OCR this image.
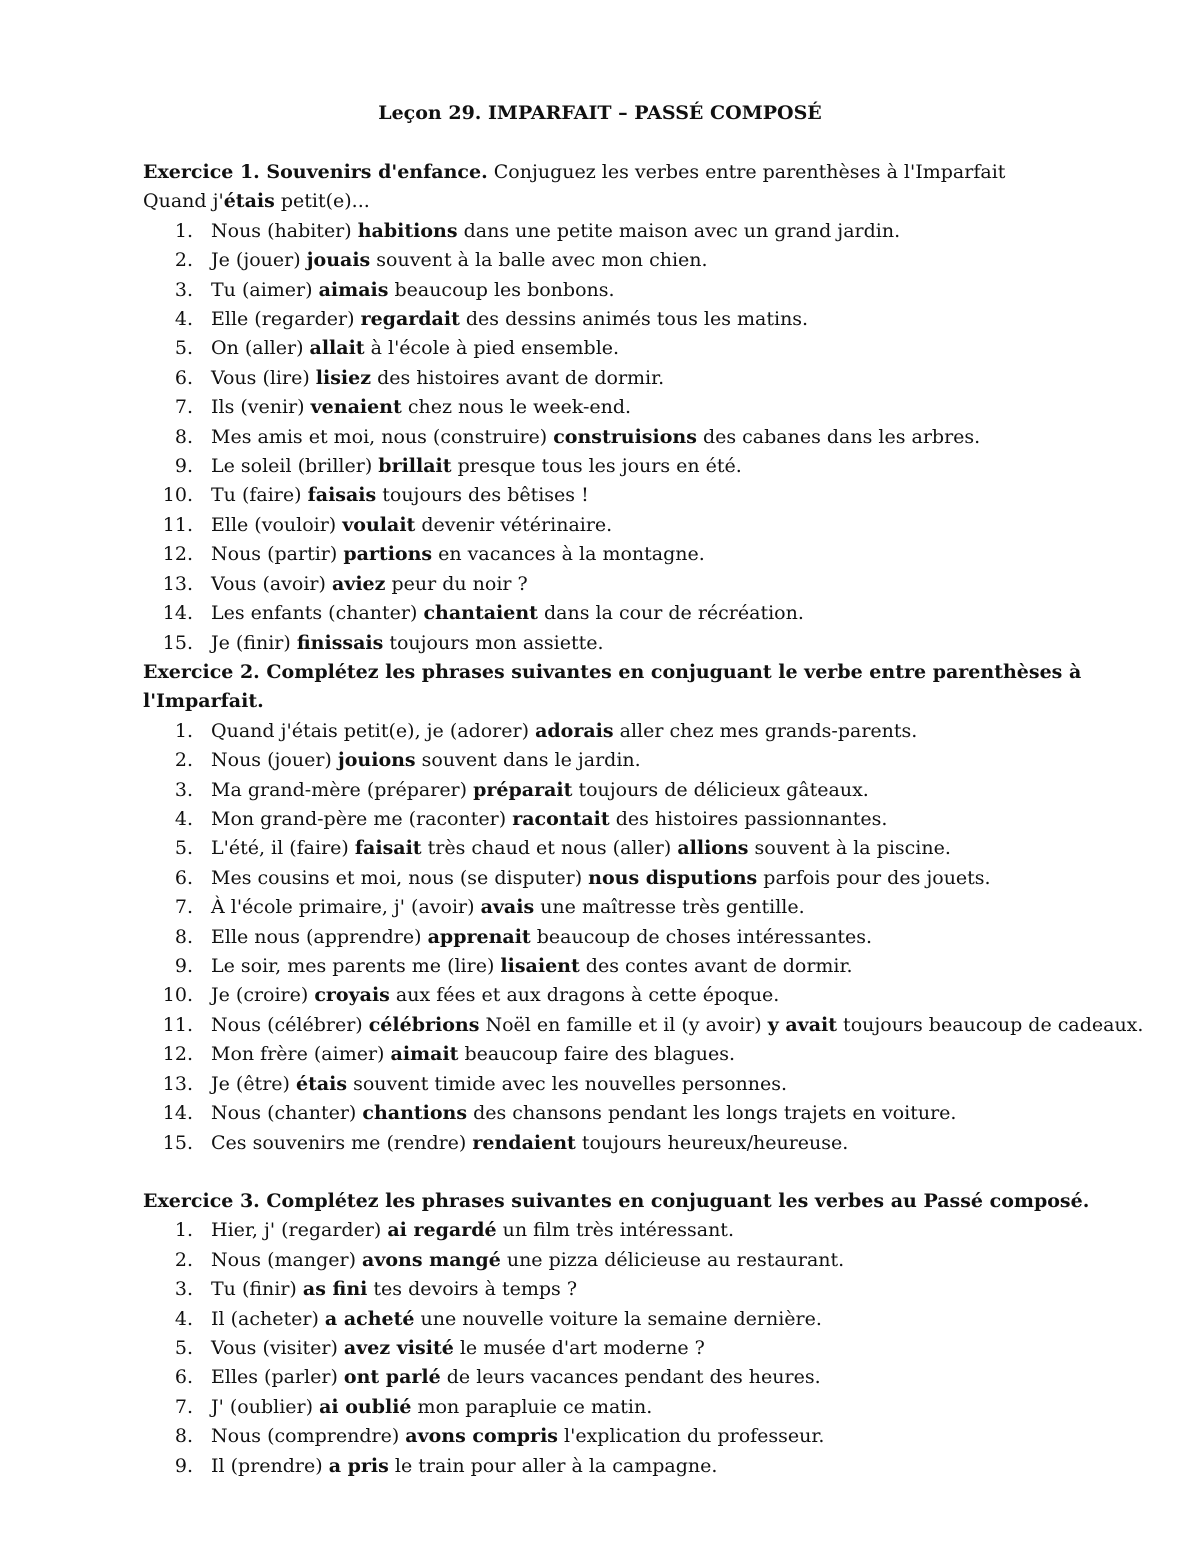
Leçon 29. IMPARFAIT – PASSÉ COMPOSÉ

Exercice 1. Souvenirs d'enfance. Conjuguez les verbes entre parenthèses à l'Imparfait

Quand j'étais petit(e)...

1. Nous (habiter) habitions dans une petite maison avec un grand jardin.
2. Je (jouer) jouais souvent à la balle avec mon chien.
3. Tu (aimer) aimais beaucoup les bonbons.
4. Elle (regarder) regardait des dessins animés tous les matins.
5. On (aller) allait à l'école à pied ensemble.
6. Vous (lire) lisiez des histoires avant de dormir.
7. Ils (venir) venaient chez nous le week-end.
8. Mes amis et moi, nous (construire) construisions des cabanes dans les arbres.
9. Le soleil (briller) brillait presque tous les jours en été.
10. Tu (faire) faisais toujours des bêtises !
11. Elle (vouloir) voulait devenir vétérinaire.
12. Nous (partir) partions en vacances à la montagne.
13. Vous (avoir) aviez peur du noir ?
14. Les enfants (chanter) chantaient dans la cour de récréation.
15. Je (finir) finissais toujours mon assiette.

Exercice 2. Complétez les phrases suivantes en conjuguant le verbe entre parenthèses à l'Imparfait.

1. Quand j'étais petit(e), je (adorer) adorais aller chez mes grands-parents.
2. Nous (jouer) jouions souvent dans le jardin.
3. Ma grand-mère (préparer) préparait toujours de délicieux gâteaux.
4. Mon grand-père me (raconter) racontait des histoires passionnantes.
5. L'été, il (faire) faisait très chaud et nous (aller) allions souvent à la piscine.
6. Mes cousins et moi, nous (se disputer) nous disputions parfois pour des jouets.
7. À l'école primaire, j' (avoir) avais une maîtresse très gentille.
8. Elle nous (apprendre) apprenait beaucoup de choses intéressantes.
9. Le soir, mes parents me (lire) lisaient des contes avant de dormir.
10. Je (croire) croyais aux fées et aux dragons à cette époque.
11. Nous (célébrer) célébrions Noël en famille et il (y avoir) y avait toujours beaucoup de cadeaux.
12. Mon frère (aimer) aimait beaucoup faire des blagues.
13. Je (être) étais souvent timide avec les nouvelles personnes.
14. Nous (chanter) chantions des chansons pendant les longs trajets en voiture.
15. Ces souvenirs me (rendre) rendaient toujours heureux/heureuse.

Exercice 3. Complétez les phrases suivantes en conjuguant les verbes au Passé composé.

1. Hier, j' (regarder) ai regardé un film très intéressant.
2. Nous (manger) avons mangé une pizza délicieuse au restaurant.
3. Tu (finir) as fini tes devoirs à temps ?
4. Il (acheter) a acheté une nouvelle voiture la semaine dernière.
5. Vous (visiter) avez visité le musée d'art moderne ?
6. Elles (parler) ont parlé de leurs vacances pendant des heures.
7. J' (oublier) ai oublié mon parapluie ce matin.
8. Nous (comprendre) avons compris l'explication du professeur.
9. Il (prendre) a pris le train pour aller à la campagne.
